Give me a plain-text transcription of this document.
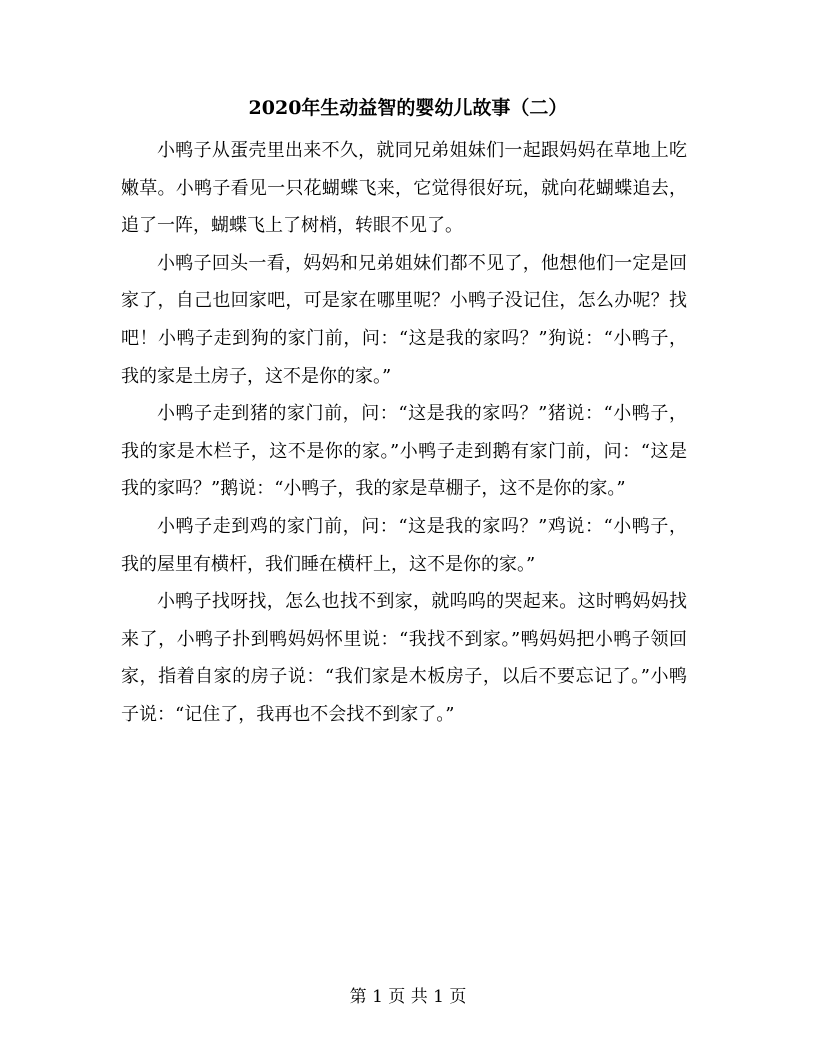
2020年生动益智的婴幼儿故事（二）

小鸭子从蛋壳里出来不久，就同兄弟姐妹们一起跟妈妈在草地上吃嫩草。小鸭子看见一只花蝴蝶飞来，它觉得很好玩，就向花蝴蝶追去，追了一阵，蝴蝶飞上了树梢，转眼不见了。

小鸭子回头一看，妈妈和兄弟姐妹们都不见了，他想他们一定是回家了，自己也回家吧，可是家在哪里呢？小鸭子没记住，怎么办呢？找吧！小鸭子走到狗的家门前，问：“这是我的家吗？”狗说：“小鸭子，我的家是土房子，这不是你的家。”

小鸭子走到猪的家门前，问：“这是我的家吗？”猪说：“小鸭子，我的家是木栏子，这不是你的家。”小鸭子走到鹅有家门前，问：“这是我的家吗？”鹅说：“小鸭子，我的家是草棚子，这不是你的家。”

小鸭子走到鸡的家门前，问：“这是我的家吗？”鸡说：“小鸭子，我的屋里有横杆，我们睡在横杆上，这不是你的家。”

小鸭子找呀找，怎么也找不到家，就呜呜的哭起来。这时鸭妈妈找来了，小鸭子扑到鸭妈妈怀里说：“我找不到家。”鸭妈妈把小鸭子领回家，指着自家的房子说：“我们家是木板房子，以后不要忘记了。”小鸭子说：“记住了，我再也不会找不到家了。”

第 1 页 共 1 页
